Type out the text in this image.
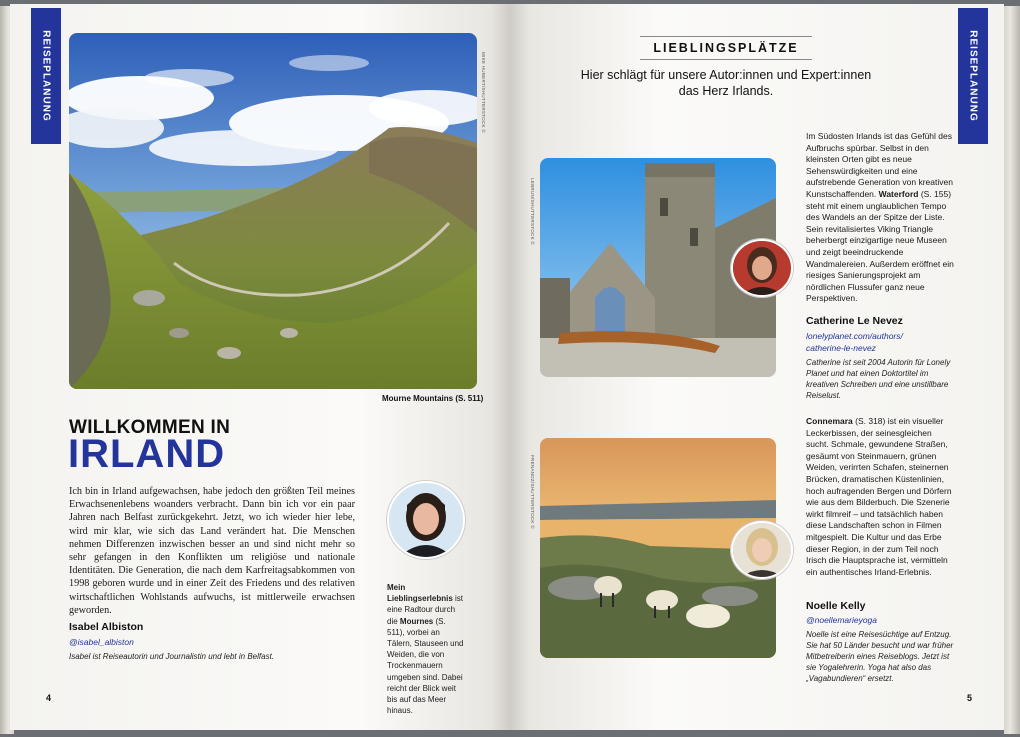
REISEPLANUNG	MIKE HUBERT/SHUTTERSTOCK ©
Mourne Mountains (S. 511)
WILLKOMMEN IN
IRLAND
Ich bin in Irland aufgewachsen, habe jedoch den größten Teil meines Erwachsenenlebens woanders verbracht. Dann bin ich vor ein paar Jahren nach Belfast zurückgekehrt. Jetzt, wo ich wieder hier lebe, wird mir klar, wie sich das Land verändert hat. Die Menschen nehmen Differenzen inzwischen besser an und sind nicht mehr so sehr gefangen in den Konflikten um religiöse und nationale Identitäten. Die Generation, die nach dem Karfreitagsabkommen von 1998 geboren wurde und in einer Zeit des Friedens und des relativen wirtschaftlichen Wohlstands aufwuchs, ist mittlerweile erwachsen geworden.
Isabel Albiston
@isabel_albiston
Isabel ist Reiseautorin und Journalistin und lebt in Belfast.
Mein Lieblingserlebnis ist eine Radtour durch die Mournes (S. 511), vorbei an Tälern, Stauseen und Weiden, die von Trockenmauern umgeben sind. Dabei reicht der Blick weit bis auf das Meer hinaus.
4
REISEPLANUNG
LIEBLINGSPLÄTZE
Hier schlägt für unsere Autor:innen und Expert:innen
das Herz Irlands.
LEBRUN/SHUTTERSTOCK ©
FRENANDZ/SHUTTERSTOCK ©
Im Südosten Irlands ist das Gefühl des Aufbruchs spürbar. Selbst in den kleinsten Orten gibt es neue Sehenswürdigkeiten und eine aufstrebende Generation von kreativen Kunstschaffenden. Waterford (S. 155) steht mit einem unglaublichen Tempo des Wandels an der Spitze der Liste. Sein revitalisiertes Viking Triangle beherbergt einzigartige neue Museen und zeigt beeindruckende Wandmalereien. Außerdem eröffnet ein riesiges Sanierungsprojekt am nördlichen Flussufer ganz neue Perspektiven.
Catherine Le Nevez
lonelyplanet.com/authors/
catherine-le-nevez
Catherine ist seit 2004 Autorin für Lonely Planet und hat einen Doktortitel im kreativen Schreiben und eine unstillbare Reiselust.
Connemara (S. 318) ist ein visueller Leckerbissen, der seinesgleichen sucht. Schmale, gewundene Straßen, gesäumt von Steinmauern, grünen Weiden, verirrten Schafen, steinernen Brücken, dramatischen Küstenlinien, hoch aufragenden Bergen und Dörfern wie aus dem Bilderbuch. Die Szenerie wirkt filmreif – und tatsächlich haben diese Landschaften schon in Filmen mitgespielt. Die Kultur und das Erbe dieser Region, in der zum Teil noch Irisch die Hauptsprache ist, vermitteln ein authentisches Irland-Erlebnis.
Noelle Kelly
@noellemarieyoga
Noelle ist eine Reisesüchtige auf Entzug. Sie hat 50 Länder besucht und war früher Mitbetreiberin eines Reiseblogs. Jetzt ist sie Yogalehrerin. Yoga hat also das „Vagabundieren“ ersetzt.
5
